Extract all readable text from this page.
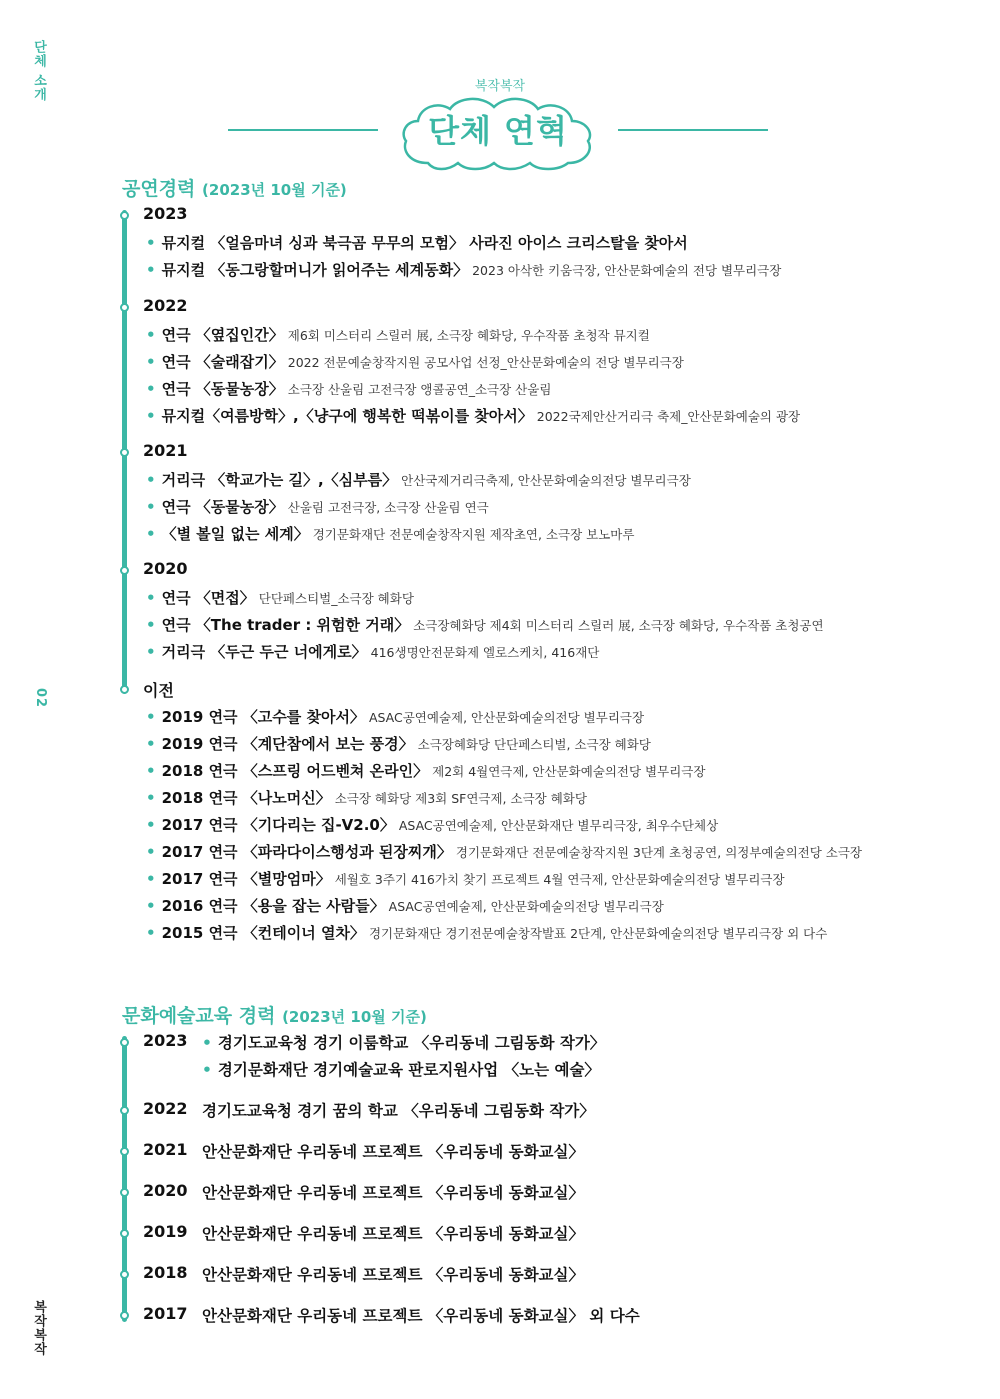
단체 소개
02
복작복작
복작복작
단체 연혁
공연경력 (2023년 10월 기준)
2023
• 뮤지컬 〈얼음마녀 싱과 북극곰 무무의 모험〉 사라진 아이스 크리스탈을 찾아서
• 뮤지컬 〈동그랑할머니가 읽어주는 세계동화〉 2023 아삭한 키움극장, 안산문화예술의 전당 별무리극장
2022
• 연극 〈옆집인간〉 제6회 미스터리 스릴러 展, 소극장 혜화당, 우수작품 초청작 뮤지컬
• 연극 〈술래잡기〉 2022 전문예술창작지원 공모사업 선정_안산문화예술의 전당 별무리극장
• 연극 〈동물농장〉 소극장 산울림 고전극장 앵콜공연_소극장 산울림
• 뮤지컬〈여름방학〉,〈냥구에 행복한 떡볶이를 찾아서〉 2022국제안산거리극 축제_안산문화예술의 광장
2021
• 거리극 〈학교가는 길〉,〈심부름〉 안산국제거리극축제, 안산문화예술의전당 별무리극장
• 연극 〈동물농장〉 산울림 고전극장, 소극장 산울림 연극
• 〈별 볼일 없는 세계〉 경기문화재단 전문예술창작지원 제작초연, 소극장 보노마루
2020
• 연극 〈면접〉 단단페스티벌_소극장 혜화당
• 연극 〈The trader : 위험한 거래〉 소극장혜화당 제4회 미스터리 스릴러 展, 소극장 혜화당, 우수작품 초청공연
• 거리극 〈두근 두근 너에게로〉 416생명안전문화제 엘로스케치, 416재단
이전
• 2019 연극 〈고수를 찾아서〉 ASAC공연예술제, 안산문화예술의전당 별무리극장
• 2019 연극 〈계단참에서 보는 풍경〉 소극장혜화당 단단페스티벌, 소극장 혜화당
• 2018 연극 〈스프링 어드벤쳐 온라인〉 제2회 4월연극제, 안산문화예술의전당 별무리극장
• 2018 연극 〈나노머신〉 소극장 혜화당 제3회 SF연극제, 소극장 혜화당
• 2017 연극 〈기다리는 집-V2.0〉 ASAC공연예술제, 안산문화재단 별무리극장, 최우수단체상
• 2017 연극 〈파라다이스행성과 된장찌개〉 경기문화재단 전문예술창작지원 3단계 초청공연, 의정부예술의전당 소극장
• 2017 연극 〈별망엄마〉 세월호 3주기 416가치 찾기 프로젝트 4월 연극제, 안산문화예술의전당 별무리극장
• 2016 연극 〈용을 잡는 사람들〉 ASAC공연예술제, 안산문화예술의전당 별무리극장
• 2015 연극 〈컨테이너 열차〉 경기문화재단 경기전문예술창작발표 2단계, 안산문화예술의전당 별무리극장 외 다수
문화예술교육 경력 (2023년 10월 기준)
2023 • 경기도교육청 경기 이룸학교 〈우리동네 그림동화 작가〉
• 경기문화재단 경기예술교육 판로지원사업 〈노는 예술〉
2022 경기도교육청 경기 꿈의 학교 〈우리동네 그림동화 작가〉
2021 안산문화재단 우리동네 프로젝트 〈우리동네 동화교실〉
2020 안산문화재단 우리동네 프로젝트 〈우리동네 동화교실〉
2019 안산문화재단 우리동네 프로젝트 〈우리동네 동화교실〉
2018 안산문화재단 우리동네 프로젝트 〈우리동네 동화교실〉
2017 안산문화재단 우리동네 프로젝트 〈우리동네 동화교실〉 외 다수
